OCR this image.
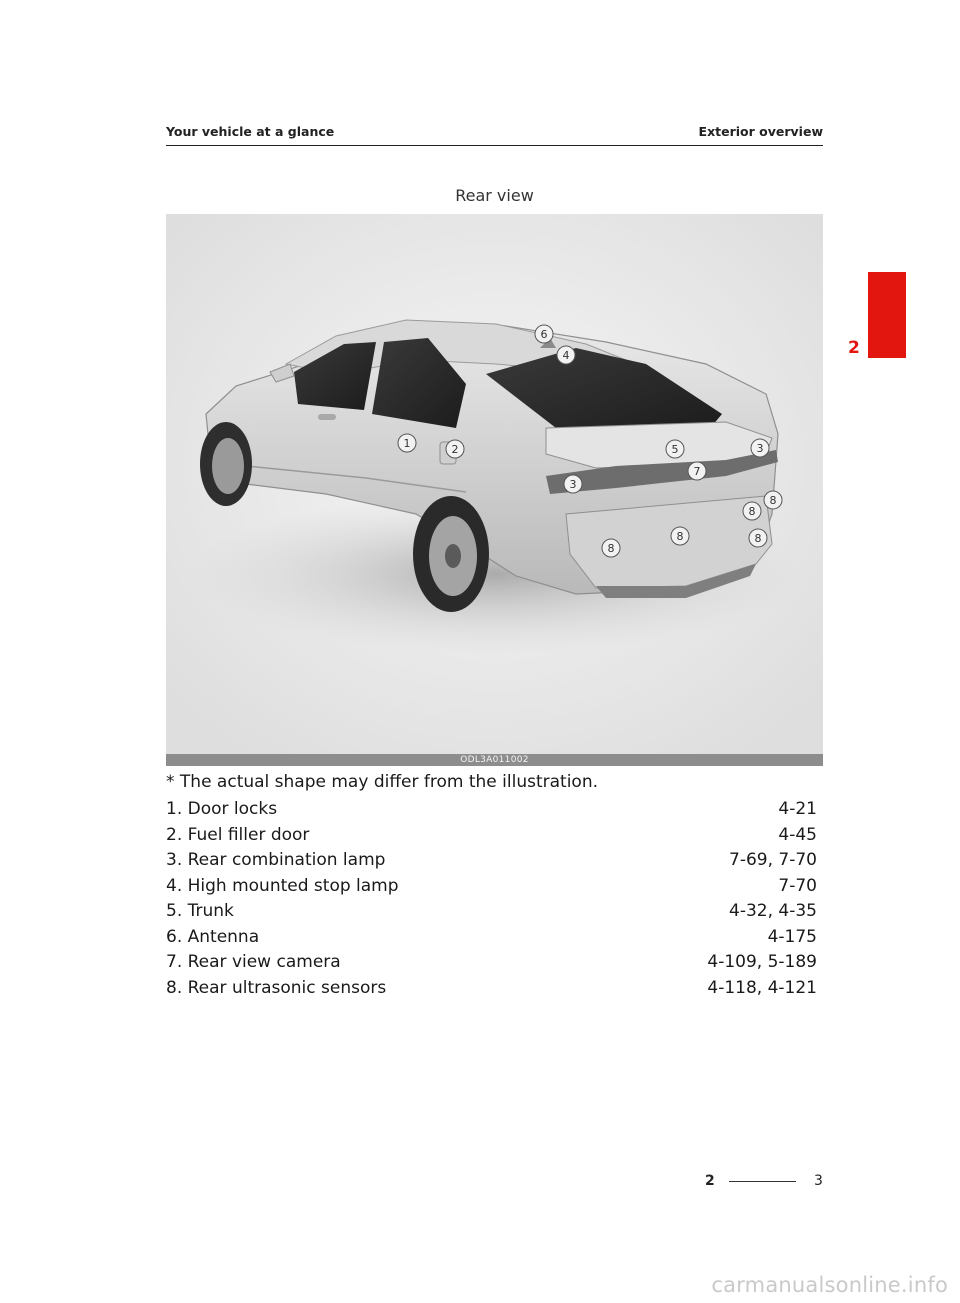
Your vehicle at a glance	Exterior overview
2
Rear view
1	2
3
3
4
5
6
7
8
8
8
8
8
ODL3A011002
* The actual shape may differ from the illustration.
1. Door locks	4-21
2. Fuel filler door	4-45
3. Rear combination lamp	7-69, 7-70
4. High mounted stop lamp	7-70
5. Trunk	4-32, 4-35
6. Antenna	4-175
7. Rear view camera	4-109, 5-189
8. Rear ultrasonic sensors	4-118, 4-121
2	3
carmanualsonline.info
